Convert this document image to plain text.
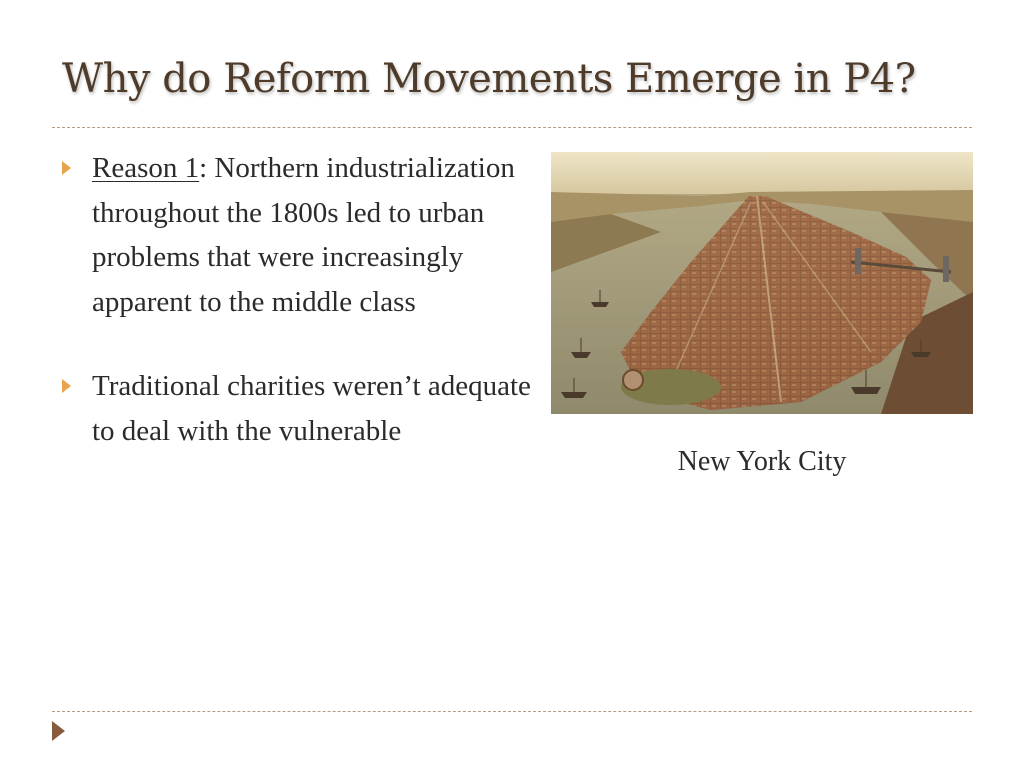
Why do Reform Movements Emerge in P4?
Reason 1: Northern industrialization throughout the 1800s led to urban problems that were increasingly apparent to the middle class
Traditional charities weren’t adequate to deal with the vulnerable
New York City
